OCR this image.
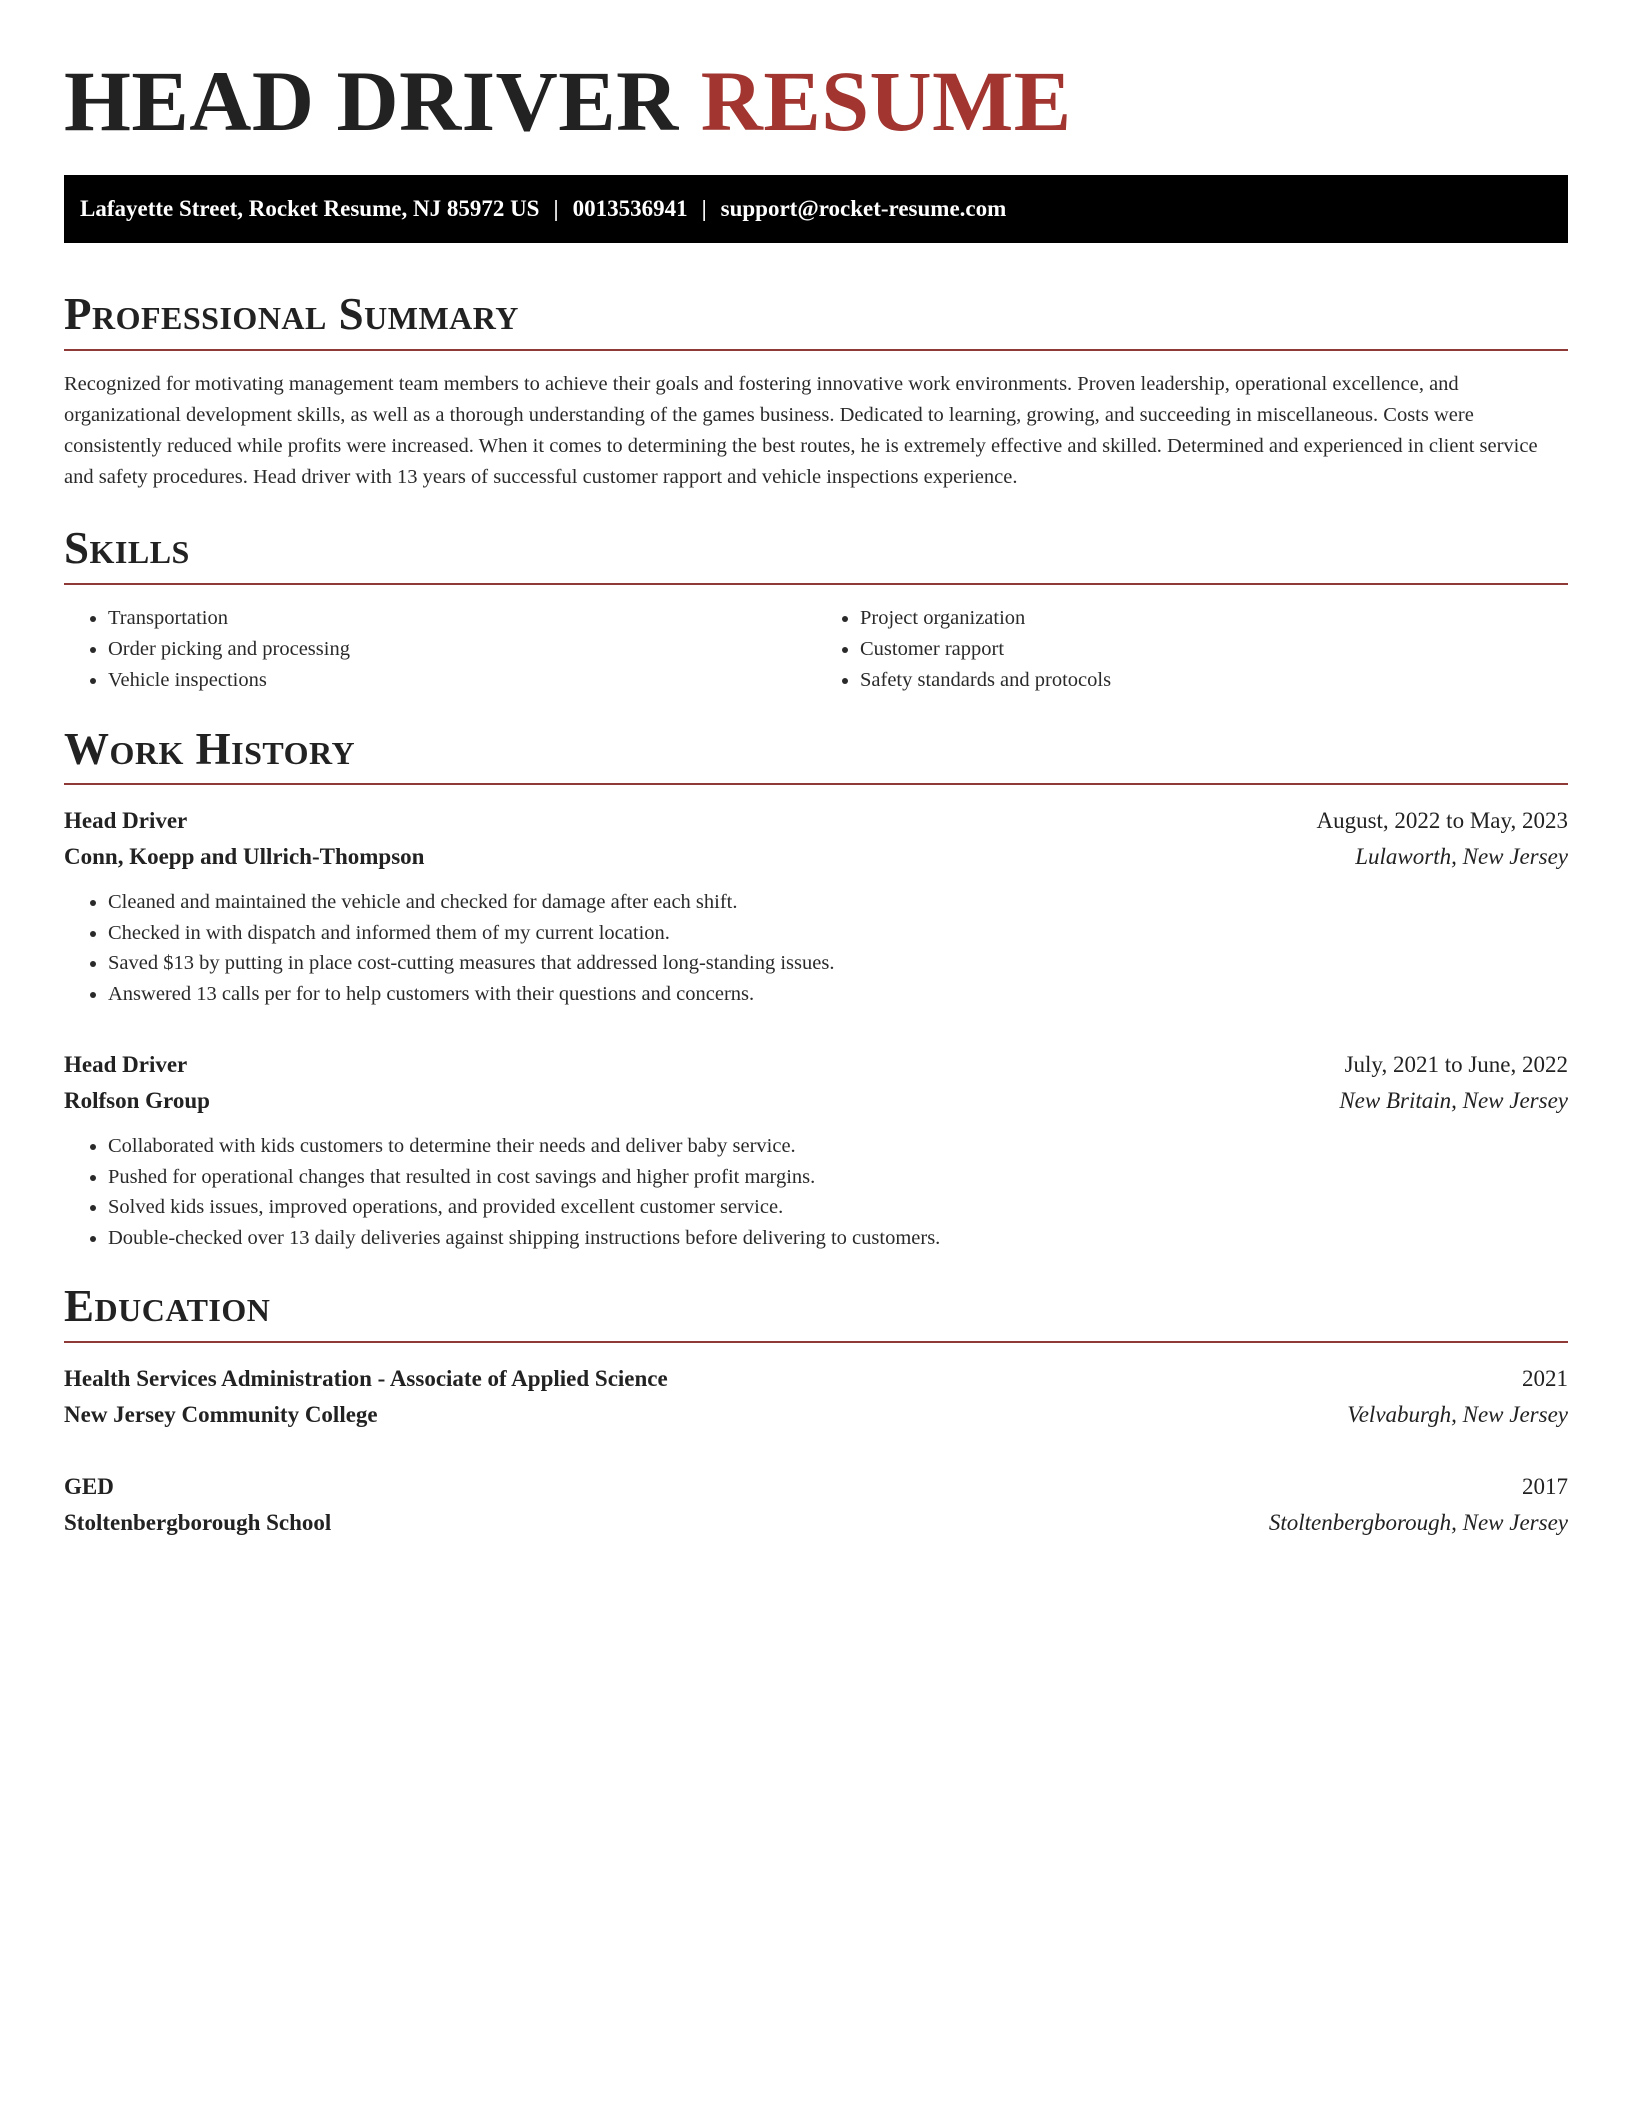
HEAD DRIVER RESUME
Lafayette Street, Rocket Resume, NJ 85972 US | 0013536941 | support@rocket-resume.com
Professional Summary

Recognized for motivating management team members to achieve their goals and fostering innovative work environments. Proven leadership, operational excellence, and organizational development skills, as well as a thorough understanding of the games business. Dedicated to learning, growing, and succeeding in miscellaneous. Costs were consistently reduced while profits were increased. When it comes to determining the best routes, he is extremely effective and skilled. Determined and experienced in client service and safety procedures. Head driver with 13 years of successful customer rapport and vehicle inspections experience.

Skills
• Transportation
• Order picking and processing
• Vehicle inspections
• Project organization
• Customer rapport
• Safety standards and protocols
Work History
Head Driver	August, 2022 to May, 2023
Conn, Koepp and Ullrich-Thompson	Lulaworth, New Jersey
• Cleaned and maintained the vehicle and checked for damage after each shift.
• Checked in with dispatch and informed them of my current location.
• Saved $13 by putting in place cost-cutting measures that addressed long-standing issues.
• Answered 13 calls per for to help customers with their questions and concerns.
Head Driver	July, 2021 to June, 2022
Rolfson Group	New Britain, New Jersey
• Collaborated with kids customers to determine their needs and deliver baby service.
• Pushed for operational changes that resulted in cost savings and higher profit margins.
• Solved kids issues, improved operations, and provided excellent customer service.
• Double-checked over 13 daily deliveries against shipping instructions before delivering to customers.
Education
Health Services Administration - Associate of Applied Science	2021
New Jersey Community College	Velvaburgh, New Jersey
GED	2017
Stoltenbergborough School	Stoltenbergborough, New Jersey
